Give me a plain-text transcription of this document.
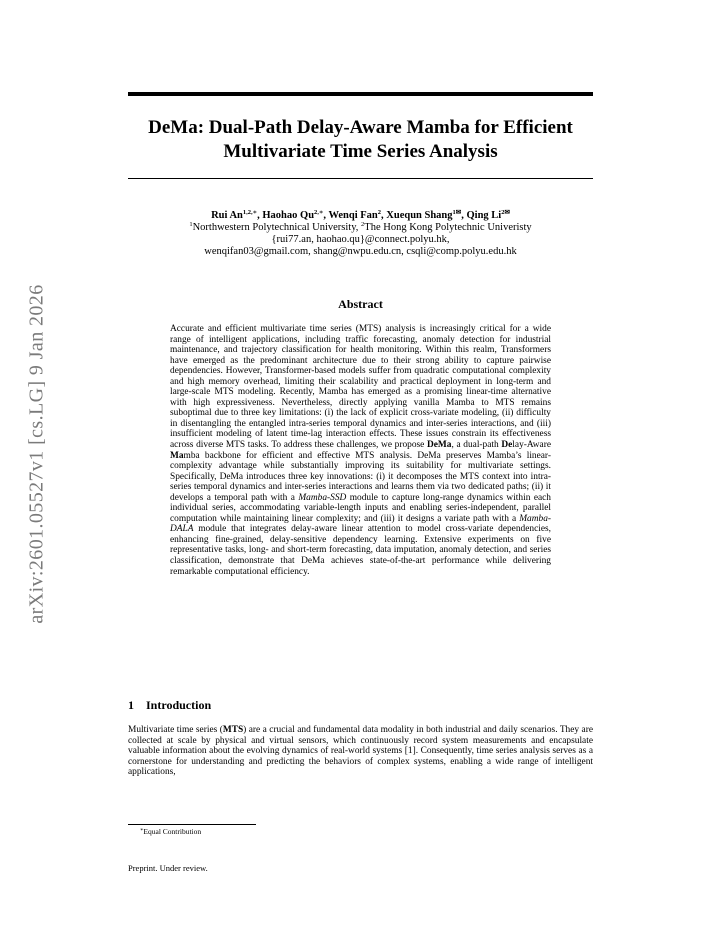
DeMa: Dual-Path Delay-Aware Mamba for Efficient Multivariate Time Series Analysis
Rui $An^{1,2,∗}$, Haohao $Qu^{2,∗}$, Wenqi Fan$^2$, Xuequn Shang$^{1✉}$, Qing $Li^{2✉}$
$^1$Northwestern Polytechnical University, $^2$The Hong Kong Polytechnic Univeristy
{rui77.an, haohao.qu}@connect.polyu.hk,
wenqifan03@gmail.com, shang@nwpu.edu.cn, csqli@comp.polyu.edu.hk
Abstract

Accurate and efficient multivariate time series (MTS) analysis is increasingly critical for a wide range of intelligent applications, including traffic forecasting, anomaly detection for industrial maintenance, and trajectory classification for health monitoring. Within this realm, Transformers have emerged as the predominant architecture due to their strong ability to capture pairwise dependencies. However, Transformer-based models suffer from quadratic computational complexity and high memory overhead, limiting their scalability and practical deployment in long-term and large-scale MTS modeling. Recently, Mamba has emerged as a promising linear-time alternative with high expressiveness. Nevertheless, directly applying vanilla Mamba to MTS remains suboptimal due to three key limitations: (i) the lack of explicit cross-variate modeling, (ii) difficulty in disentangling the entangled intra-series temporal dynamics and inter-series interactions, and (iii) insufficient modeling of latent time-lag interaction effects. These issues constrain its effectiveness across diverse MTS tasks. To address these challenges, we propose DeMa, a dual-path Delay-Aware Mamba backbone for efficient and effective MTS analysis. DeMa preserves Mamba’s linear-complexity advantage while substantially improving its suitability for multivariate settings. Specifically, DeMa introduces three key innovations: (i) it decomposes the MTS context into intra-series temporal dynamics and inter-series interactions and learns them via two dedicated paths; (ii) it develops a temporal path with a Mamba-SSD module to capture long-range dynamics within each individual series, accommodating variable-length inputs and enabling series-independent, parallel computation while maintaining linear complexity; and (iii) it designs a variate path with a Mamba-DALA module that integrates delay-aware linear attention to model cross-variate dependencies, enhancing fine-grained, delay-sensitive dependency learning. Extensive experiments on five representative tasks, long- and short-term forecasting, data imputation, anomaly detection, and series classification, demonstrate that DeMa achieves state-of-the-art performance while delivering remarkable computational efficiency.

1 Introduction

Multivariate time series (MTS) are a crucial and fundamental data modality in both industrial and daily scenarios. They are collected at scale by physical and virtual sensors, which continuously record system measurements and encapsulate valuable information about the evolving dynamics of real-world systems [1]. Consequently, time series analysis serves as a cornerstone for understanding and predicting the behaviors of complex systems, enabling a wide range of intelligent applications,

∗Equal Contribution

Preprint. Under review.

arXiv:2601.05527v1 [cs.LG] 9 Jan 2026
